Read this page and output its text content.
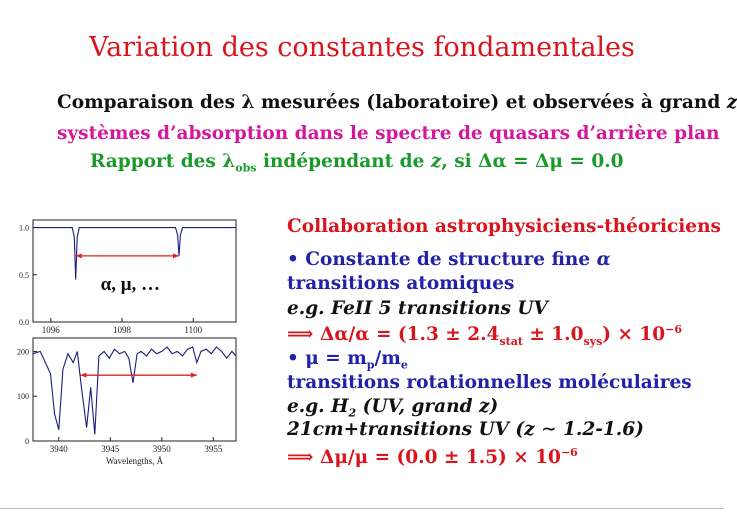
Variation des constantes fondamentales
Comparaison des λ mesurées (laboratoire) et observées à grand z
systèmes d’absorption dans le spectre de quasars d’arrière plan
Rapport des $\lambda_{obs}$ indépendant de z, si Δα = Δμ = 0.0
Collaboration astrophysiciens-théoriciens
• Constante de structure fine α
transitions atomiques
e.g. FeII 5 transitions UV
⟹ $\Delta\alpha/\alpha = (1.3 \pm 2.4_{stat} \pm 1.0_{sys}) \times 10^{-6}$
• $\mu = m_p/m_e$
transitions rotationnelles moléculaires
e.g. $H_2$ (UV, grand z)
21cm+transitions UV (z ∼ 1.2-1.6)
⟹ $\Delta\mu/\mu = (0.0 \pm 1.5) \times 10^{-6}$
1096	1098	1100
0.0
0.5
1.0
α, μ, …
3940	3945	3950	3955
0
100
200
Wavelengths, Å
